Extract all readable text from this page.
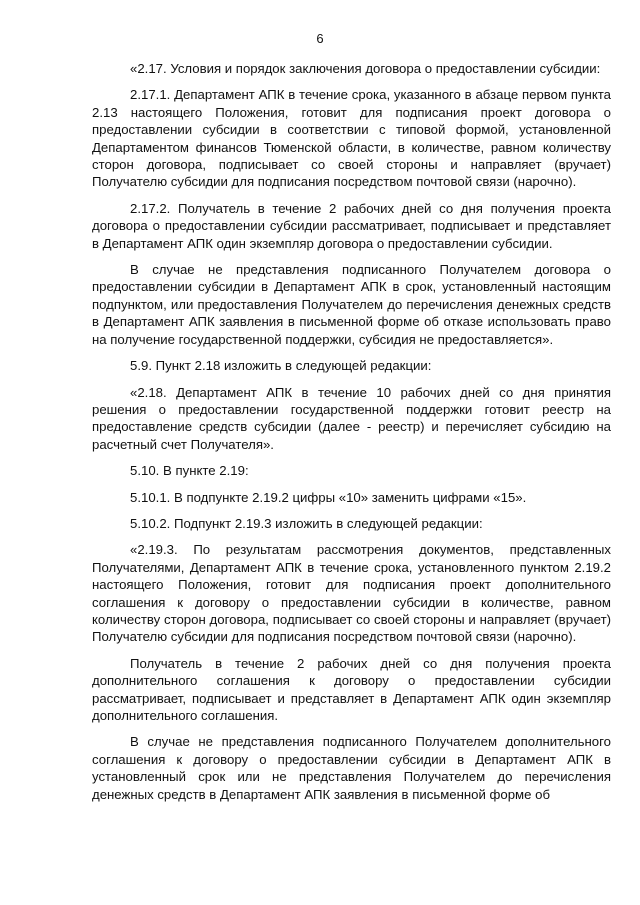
6

«2.17. Условия и порядок заключения договора о предоставлении субсидии:

2.17.1. Департамент АПК в течение срока, указанного в абзаце первом пункта 2.13 настоящего Положения, готовит для подписания проект договора о предоставлении субсидии в соответствии с типовой формой, установленной Департаментом финансов Тюменской области, в количестве, равном количеству сторон договора, подписывает со своей стороны и направляет (вручает) Получателю субсидии для подписания посредством почтовой связи (нарочно).

2.17.2. Получатель в течение 2 рабочих дней со дня получения проекта договора о предоставлении субсидии рассматривает, подписывает и представляет в Департамент АПК один экземпляр договора о предоставлении субсидии.

В случае не представления подписанного Получателем договора о предоставлении субсидии в Департамент АПК в срок, установленный настоящим подпунктом, или предоставления Получателем до перечисления денежных средств в Департамент АПК заявления в письменной форме об отказе использовать право на получение государственной поддержки, субсидия не предоставляется».

5.9. Пункт 2.18 изложить в следующей редакции:

«2.18. Департамент АПК в течение 10 рабочих дней со дня принятия решения о предоставлении государственной поддержки готовит реестр на предоставление средств субсидии (далее - реестр) и перечисляет субсидию на расчетный счет Получателя».

5.10. В пункте 2.19:

5.10.1. В подпункте 2.19.2 цифры «10» заменить цифрами «15».

5.10.2. Подпункт 2.19.3 изложить в следующей редакции:

«2.19.3. По результатам рассмотрения документов, представленных Получателями, Департамент АПК в течение срока, установленного пунктом 2.19.2 настоящего Положения, готовит для подписания проект дополнительного соглашения к договору о предоставлении субсидии в количестве, равном количеству сторон договора, подписывает со своей стороны и направляет (вручает) Получателю субсидии для подписания посредством почтовой связи (нарочно).

Получатель в течение 2 рабочих дней со дня получения проекта дополнительного соглашения к договору о предоставлении субсидии рассматривает, подписывает и представляет в Департамент АПК один экземпляр дополнительного соглашения.

В случае не представления подписанного Получателем дополнительного соглашения к договору о предоставлении субсидии в Департамент АПК в установленный срок или не представления Получателем до перечисления денежных средств в Департамент АПК заявления в письменной форме об
